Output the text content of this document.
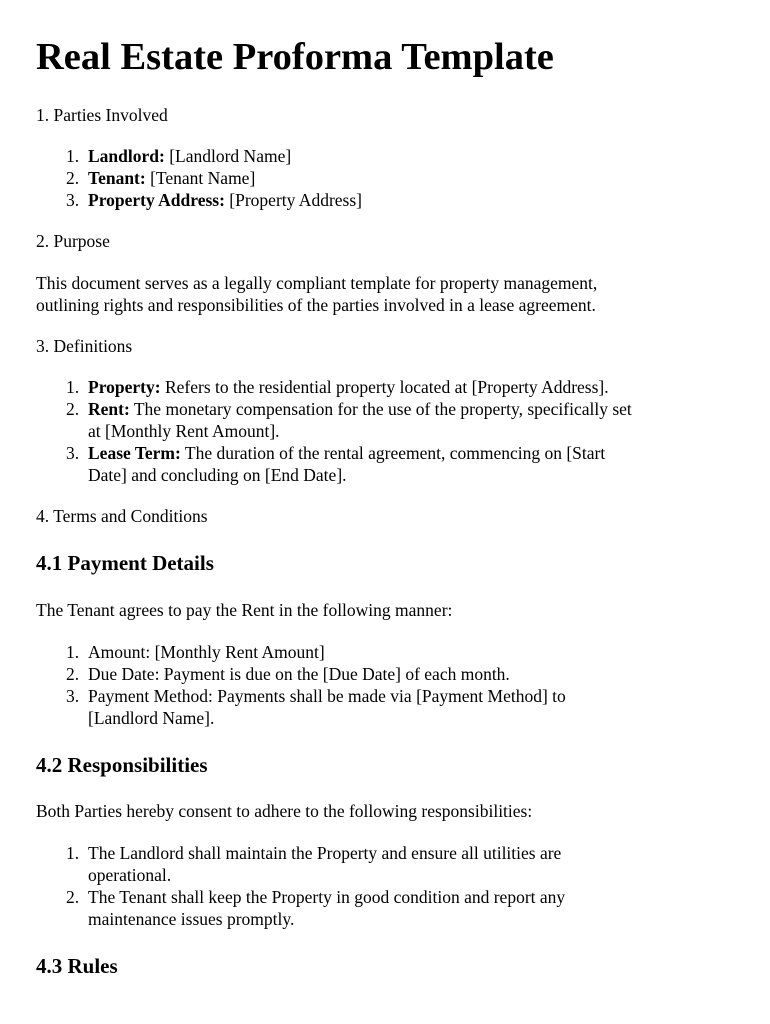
Real Estate Proforma Template

1. Parties Involved

1. Landlord: [Landlord Name]
2. Tenant: [Tenant Name]
3. Property Address: [Property Address]

2. Purpose

This document serves as a legally compliant template for property management,

outlining rights and responsibilities of the parties involved in a lease agreement.

3. Definitions

1. Property: Refers to the residential property located at [Property Address].
2. Rent: The monetary compensation for the use of the property, specifically set
at [Monthly Rent Amount].
3. Lease Term: The duration of the rental agreement, commencing on [Start
Date] and concluding on [End Date].

4. Terms and Conditions

4.1 Payment Details

The Tenant agrees to pay the Rent in the following manner:

1. Amount: [Monthly Rent Amount]
2. Due Date: Payment is due on the [Due Date] of each month.
3. Payment Method: Payments shall be made via [Payment Method] to
[Landlord Name].
4.2 Responsibilities

Both Parties hereby consent to adhere to the following responsibilities:

1. The Landlord shall maintain the Property and ensure all utilities are
operational.
2. The Tenant shall keep the Property in good condition and report any
maintenance issues promptly.
4.3 Rules
